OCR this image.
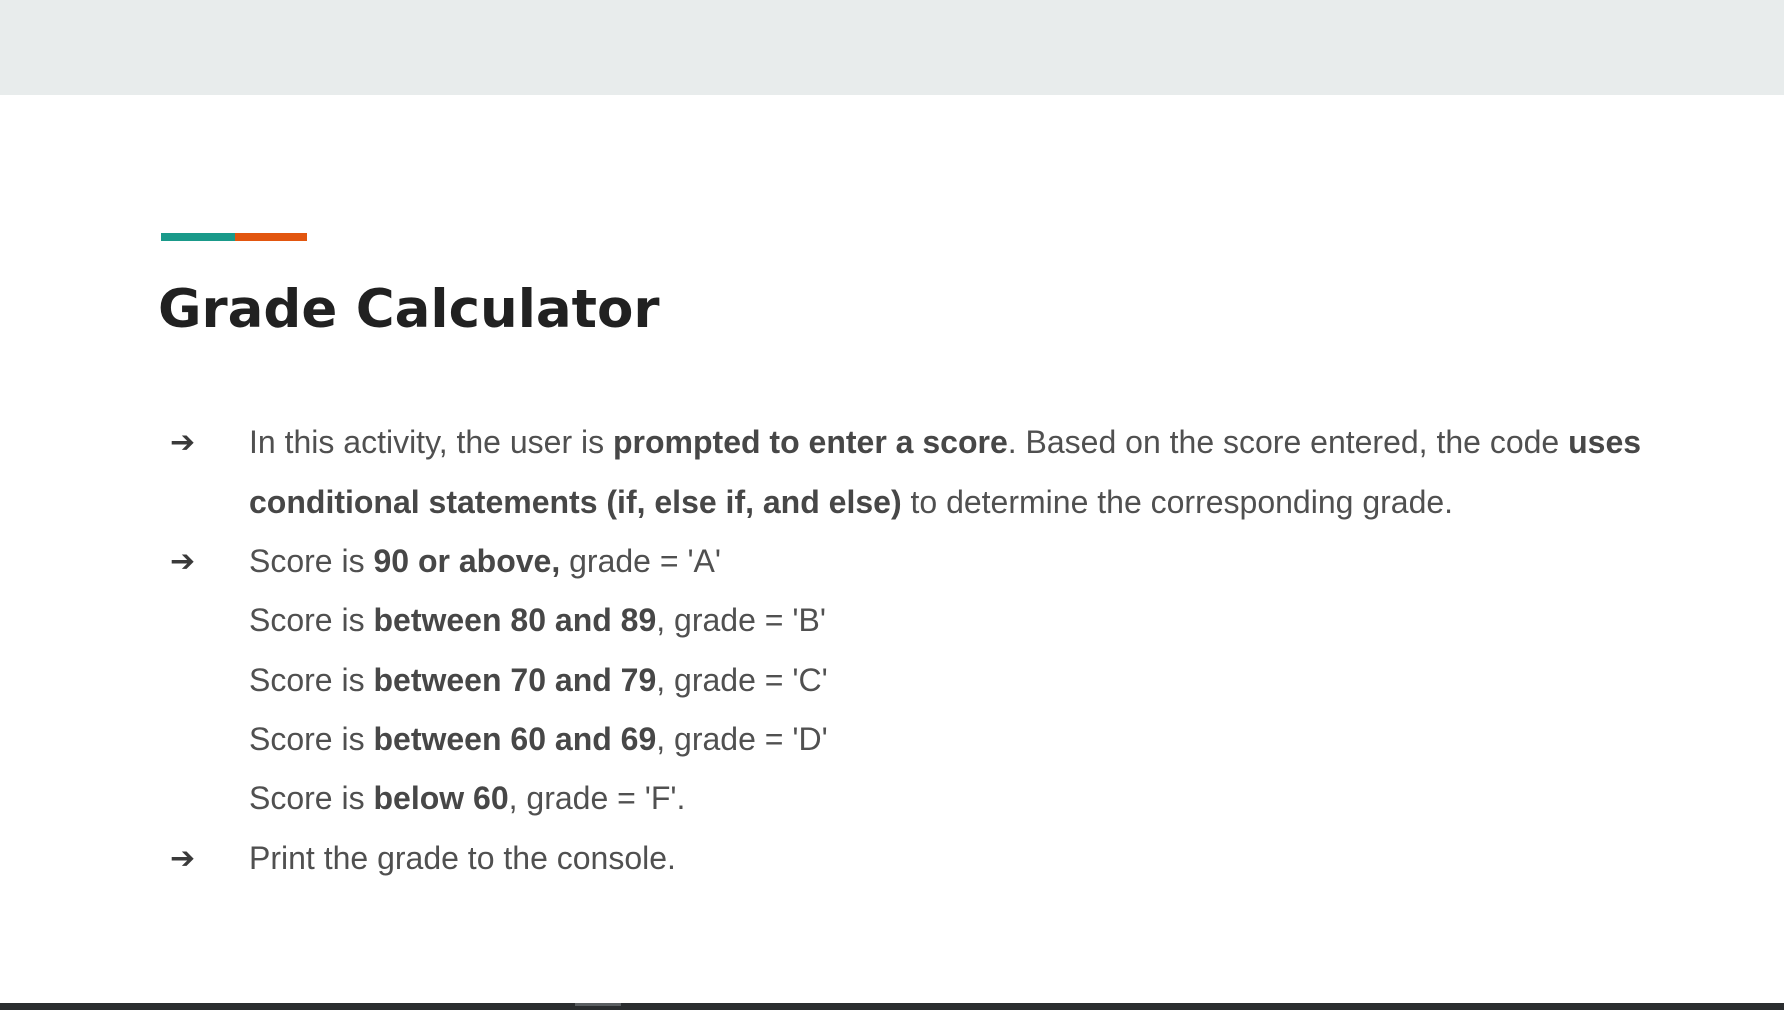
Grade Calculator
➔ In this activity, the user is prompted to enter a score. Based on the score entered, the code uses
conditional statements (if, else if, and else) to determine the corresponding grade.
➔ Score is 90 or above, grade = 'A'
Score is between 80 and 89, grade = 'B'
Score is between 70 and 79, grade = 'C'
Score is between 60 and 69, grade = 'D'
Score is below 60, grade = 'F'.
➔ Print the grade to the console.
